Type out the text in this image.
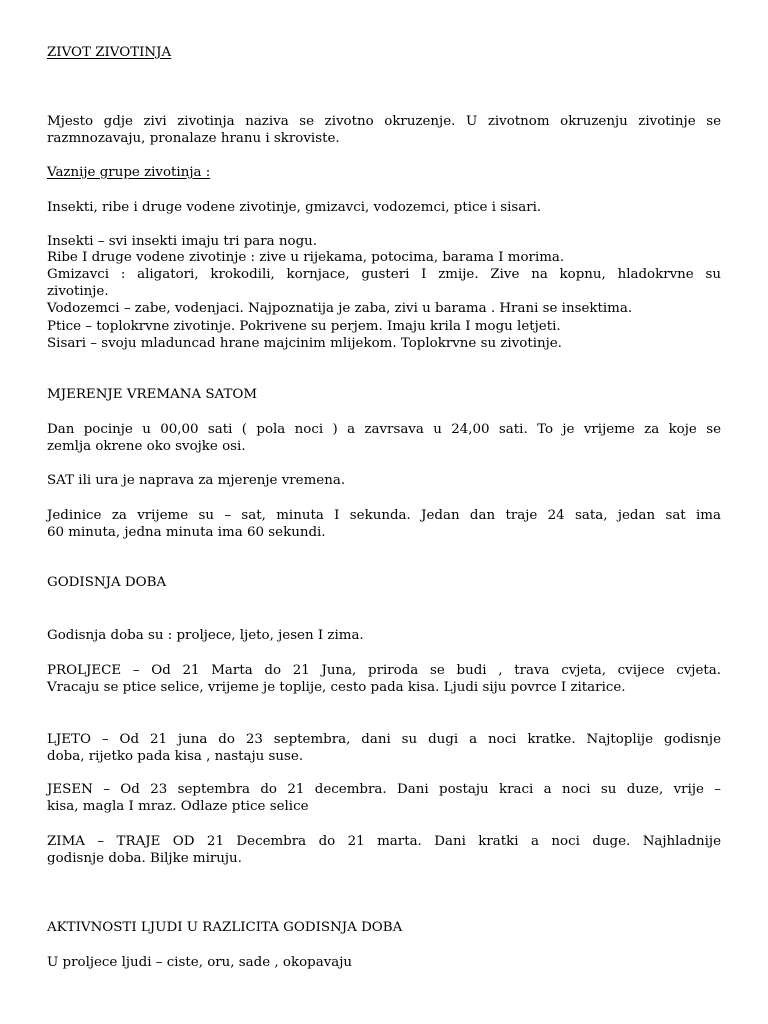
ZIVOT ZIVOTINJA

Mjesto gdje zivi zivotinja naziva se zivotno okruzenje. U zivotnom okruzenju zivotinje se

razmnozavaju, pronalaze hranu i skroviste.

Vaznije grupe zivotinja :

Insekti, ribe i druge vodene zivotinje, gmizavci, vodozemci, ptice i sisari.

Insekti – svi insekti imaju tri para nogu.

Ribe I druge vodene zivotinje : zive u rijekama, potocima, barama I morima.

Gmizavci : aligatori, krokodili, kornjace, gusteri I zmije. Zive na kopnu, hladokrvne su

zivotinje.

Vodozemci – zabe, vodenjaci. Najpoznatija je zaba, zivi u barama . Hrani se insektima.

Ptice – toplokrvne zivotinje. Pokrivene su perjem. Imaju krila I mogu letjeti.

Sisari – svoju mladuncad hrane majcinim mlijekom. Toplokrvne su zivotinje.

MJERENJE VREMANA SATOM

Dan pocinje u 00,00 sati ( pola noci ) a zavrsava u 24,00 sati. To je vrijeme za koje se

zemlja okrene oko svojke osi.

SAT ili ura je naprava za mjerenje vremena.

Jedinice za vrijeme su – sat, minuta I sekunda. Jedan dan traje 24 sata, jedan sat ima

60 minuta, jedna minuta ima 60 sekundi.

GODISNJA DOBA

Godisnja doba su : proljece, ljeto, jesen I zima.

PROLJECE – Od 21 Marta do 21 Juna, priroda se budi , trava cvjeta, cvijece cvjeta.

Vracaju se ptice selice, vrijeme je toplije, cesto pada kisa. Ljudi siju povrce I zitarice.

LJETO – Od 21 juna do 23 septembra, dani su dugi a noci kratke. Najtoplije godisnje

doba, rijetko pada kisa , nastaju suse.

JESEN – Od 23 septembra do 21 decembra. Dani postaju kraci a noci su duze, vrije –

kisa, magla I mraz. Odlaze ptice selice

ZIMA – TRAJE OD 21 Decembra do 21 marta. Dani kratki a noci duge. Najhladnije

godisnje doba. Biljke miruju.

AKTIVNOSTI LJUDI U RAZLICITA GODISNJA DOBA

U proljece ljudi – ciste, oru, sade , okopavaju
